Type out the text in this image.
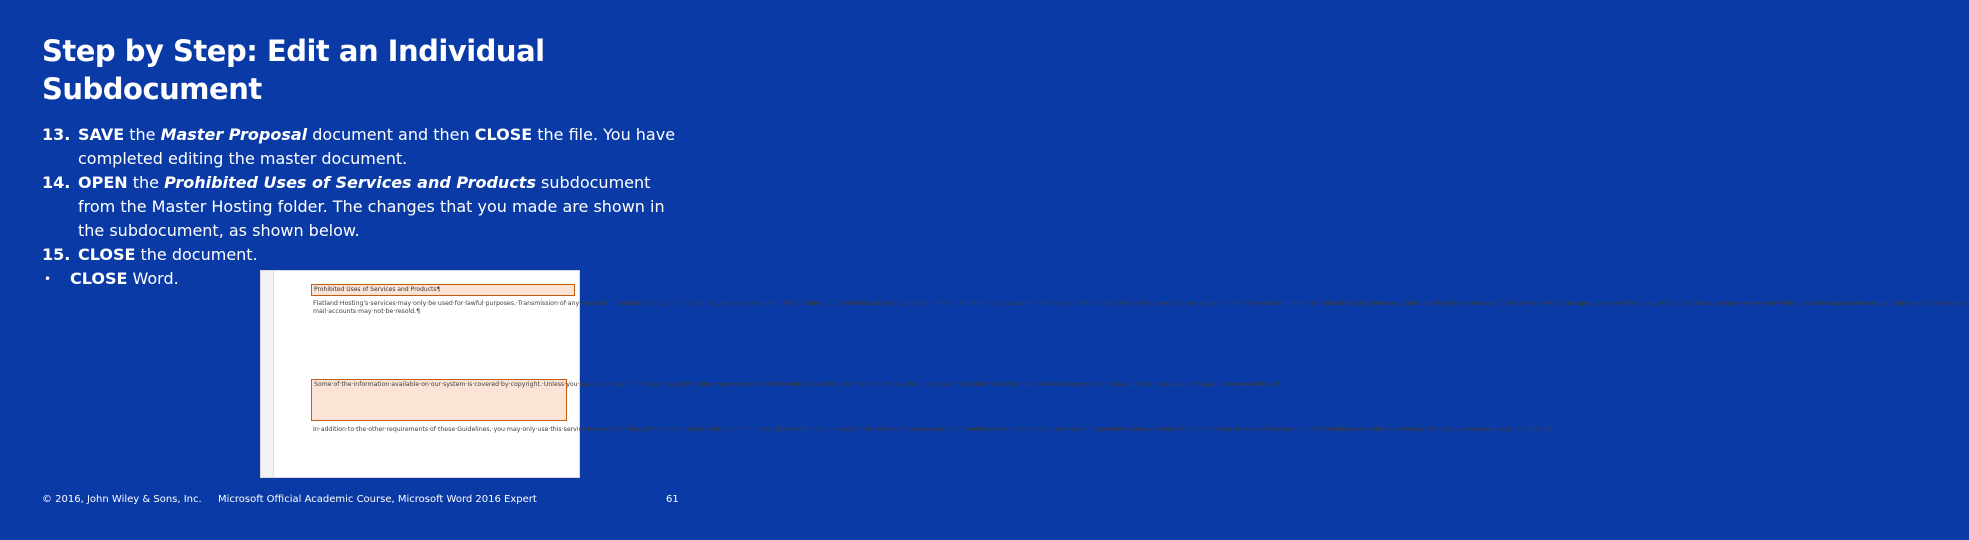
Step by Step: Edit an Individual Subdocument
13. SAVE the Master Proposal document and then CLOSE the file. You have completed editing the master document.
14. OPEN the Prohibited Uses of Services and Products subdocument from the Master Hosting folder. The changes that you made are shown in the subdocument, as shown below.
15. CLOSE the document.
• CLOSE Word.
Prohibited Uses of Services and Products¶
Flatland·Hosting's·services·may·only·be·used·for·lawful·purposes.·Transmission·of·any·material·in·violation·of·any·U.S.·or·state·regulation·is·prohibited.·This·includes,·but·is·not·limited·to:·copyrighted·material,·threatening·or·obscene·material,·or·material·protected·by·trade·secrets.·You·agree·to·indemnify·and·hold·harmless·Flatland·Hosting·from·any·claims·resulting·from·your·use·of·this·service·which·damages·you·or·another·party.·At·our·discretion,·we·may·revoke·your·Web·space·for·inappropriate·usage.·Web·server·space·and·e-mail·accounts·may·not·be·resold.¶
Some·of·the·information·available·on·our·system·is·covered·by·copyright.·Unless·you·have·permission·from·the·copyright·holder,·you·are·not·allowed·to·redistribute·this·information·to·others,·including·use·of·this·information·for·radio,·television·or·printed·media,·such·as·newspapers,·magazines·or·newsletters.¶
In·addition·to·the·other·requirements·of·these·Guidelines,·you·may·only·use·this·service·in·a·manner·that,·in·Flatland·Hosting's·sole·judgment,·is·consistent·with·the·purposes·of·this·service.·If·you·are·unsure·of·whether·any·contemplated·use·or·action·is·permitted,·please·contact·Flatland·Hosting.·By·way·of·example,·and·not·limitation,·uses·described·below·of·this·service·are·expressly·prohibited.¶
© 2016, John Wiley & Sons, Inc. Microsoft Official Academic Course, Microsoft Word 2016 Expert	61
